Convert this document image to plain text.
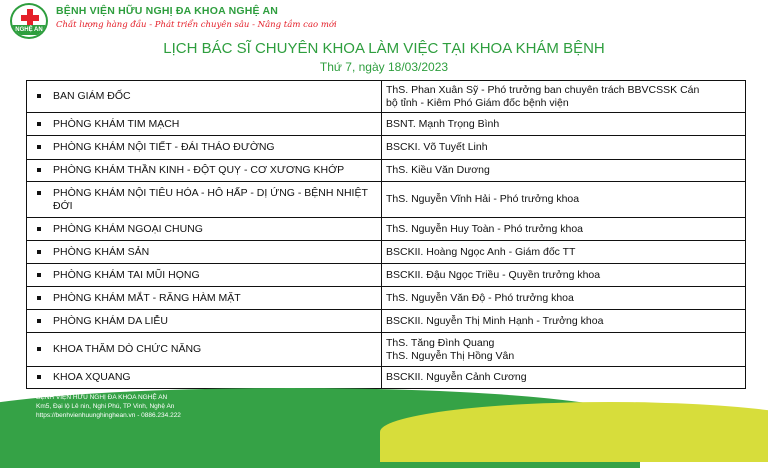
NGHỆ AN
BỆNH VIỆN HỮU NGHỊ ĐA KHOA NGHỆ AN
Chất lượng hàng đầu - Phát triển chuyên sâu - Nâng tầm cao mới
LỊCH BÁC SĨ CHUYÊN KHOA LÀM VIỆC TẠI KHOA KHÁM BỆNH
Thứ 7, ngày 18/03/2023
BAN GIÁM ĐỐC	ThS. Phan Xuân Sỹ - Phó trưởng ban chuyên trách BBVCSSK Cán
bộ tỉnh - Kiêm Phó Giám đốc bệnh viện

PHÒNG KHÁM TIM MẠCH	BSNT. Mạnh Trọng Bình

PHÒNG KHÁM NỘI TIẾT - ĐÁI THÁO ĐƯỜNG	BSCKI. Võ Tuyết Linh

PHÒNG KHÁM THẦN KINH - ĐỘT QUỴ - CƠ XƯƠNG KHỚP	ThS. Kiều Văn Dương

PHÒNG KHÁM NỘI TIÊU HÓA - HÔ HẤP - DỊ ỨNG - BỆNH NHIỆT ĐỚI	ThS. Nguyễn Vĩnh Hải - Phó trưởng khoa

PHÒNG KHÁM NGOẠI CHUNG	ThS. Nguyễn Huy Toàn - Phó trưởng khoa

PHÒNG KHÁM SẢN	BSCKII. Hoàng Ngọc Anh - Giám đốc TT

PHÒNG KHÁM TAI MŨI HỌNG	BSCKII. Đậu Ngọc Triều - Quyền trưởng khoa

PHÒNG KHÁM MẮT - RĂNG HÀM MẶT	ThS. Nguyễn Văn Độ - Phó trưởng khoa

PHÒNG KHÁM DA LIỄU	BSCKII. Nguyễn Thị Minh Hạnh - Trưởng khoa

KHOA THĂM DÒ CHỨC NĂNG	ThS. Tăng Đình Quang
ThS. Nguyễn Thị Hồng Vân

KHOA XQUANG	BSCKII. Nguyễn Cảnh Cương
BỆNH VIỆN HỮU NGHỊ ĐA KHOA NGHỆ AN
Km5, Đại lộ Lê nin, Nghi Phú, TP Vinh, Nghệ An
https://benhvienhuunghinghean.vn - 0886.234.222
